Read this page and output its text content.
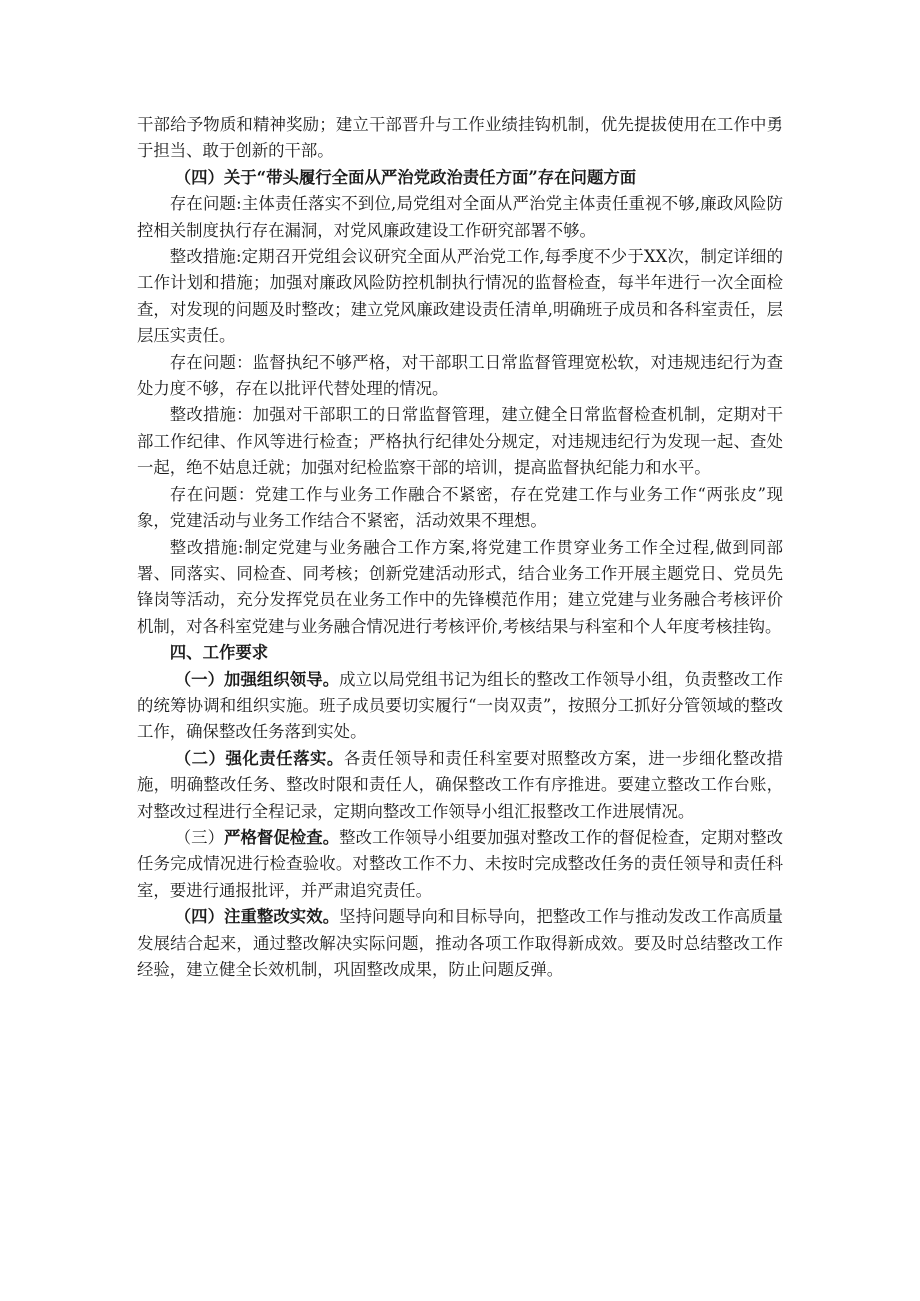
干部给予物质和精神奖励；建立干部晋升与工作业绩挂钩机制，优先提拔使用在工作中勇于担当、敢于创新的干部。

（四）关于“带头履行全面从严治党政治责任方面”存在问题方面

存在问题:主体责任落实不到位,局党组对全面从严治党主体责任重视不够,廉政风险防控相关制度执行存在漏洞，对党风廉政建设工作研究部署不够。

整改措施:定期召开党组会议研究全面从严治党工作,每季度不少于XX次，制定详细的工作计划和措施；加强对廉政风险防控机制执行情况的监督检查，每半年进行一次全面检查，对发现的问题及时整改；建立党风廉政建设责任清单,明确班子成员和各科室责任，层层压实责任。

存在问题：监督执纪不够严格，对干部职工日常监督管理宽松软，对违规违纪行为查处力度不够，存在以批评代替处理的情况。

整改措施：加强对干部职工的日常监督管理，建立健全日常监督检查机制，定期对干部工作纪律、作风等进行检查；严格执行纪律处分规定，对违规违纪行为发现一起、查处一起，绝不姑息迁就；加强对纪检监察干部的培训，提高监督执纪能力和水平。

存在问题：党建工作与业务工作融合不紧密，存在党建工作与业务工作“两张皮”现象，党建活动与业务工作结合不紧密，活动效果不理想。

整改措施:制定党建与业务融合工作方案,将党建工作贯穿业务工作全过程,做到同部署、同落实、同检查、同考核；创新党建活动形式，结合业务工作开展主题党日、党员先锋岗等活动，充分发挥党员在业务工作中的先锋模范作用；建立党建与业务融合考核评价机制，对各科室党建与业务融合情况进行考核评价,考核结果与科室和个人年度考核挂钩。

四、工作要求

（一）加强组织领导。成立以局党组书记为组长的整改工作领导小组，负责整改工作的统筹协调和组织实施。班子成员要切实履行“一岗双责”，按照分工抓好分管领域的整改工作，确保整改任务落到实处。

（二）强化责任落实。各责任领导和责任科室要对照整改方案，进一步细化整改措施，明确整改任务、整改时限和责任人，确保整改工作有序推进。要建立整改工作台账，对整改过程进行全程记录，定期向整改工作领导小组汇报整改工作进展情况。

（三）严格督促检查。整改工作领导小组要加强对整改工作的督促检查，定期对整改任务完成情况进行检查验收。对整改工作不力、未按时完成整改任务的责任领导和责任科室，要进行通报批评，并严肃追究责任。

（四）注重整改实效。坚持问题导向和目标导向，把整改工作与推动发改工作高质量发展结合起来，通过整改解决实际问题，推动各项工作取得新成效。要及时总结整改工作经验，建立健全长效机制，巩固整改成果，防止问题反弹。
